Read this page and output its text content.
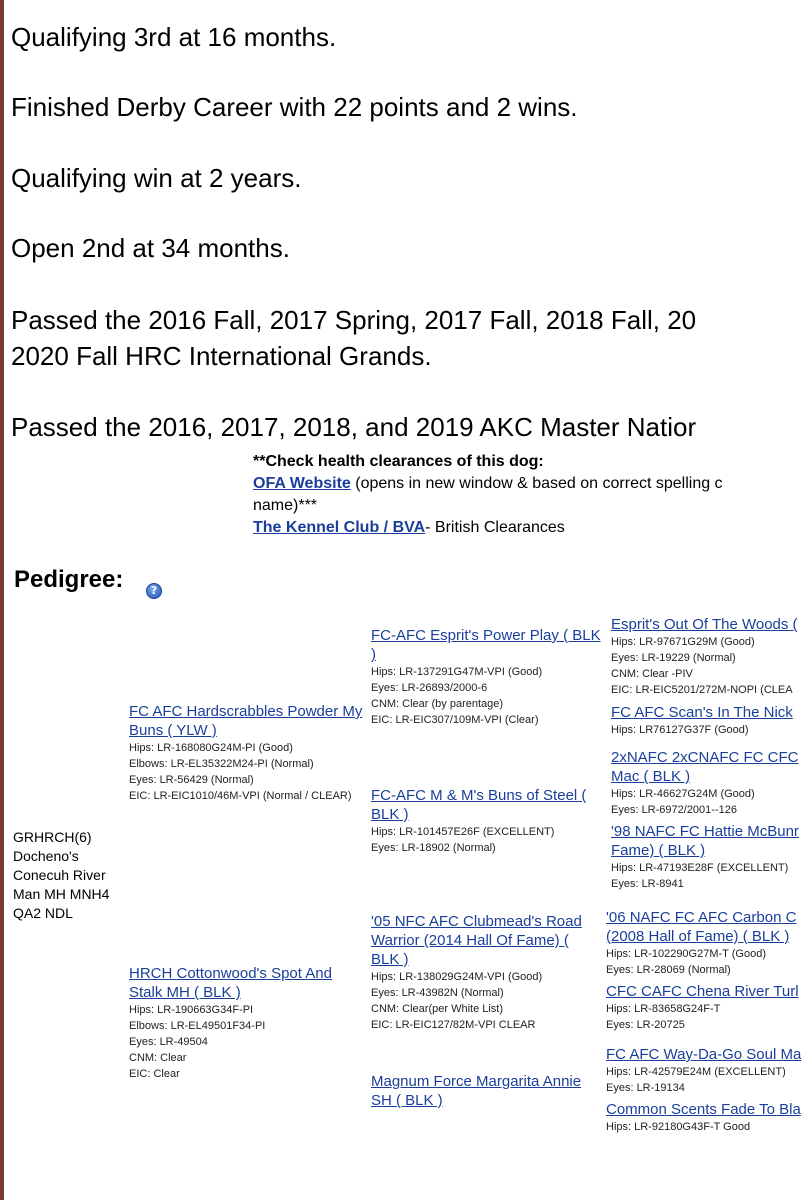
Qualifying 3rd at 16 months.

Finished Derby Career with 22 points and 2 wins.

Qualifying win at 2 years.

Open 2nd at 34 months.

Passed the 2016 Fall, 2017 Spring, 2017 Fall, 2018 Fall, 20

2020 Fall HRC International Grands.

Passed the 2016, 2017, 2018, and 2019 AKC Master Natior

**Check health clearances of this dog:
OFA Website (opens in new window & based on correct spelling c
name)***
The Kennel Club / BVA- British Clearances
Pedigree:	?
GRHRCH(6)
Docheno's
Conecuh River
Man MH MNH4
QA2 NDL
FC AFC Hardscrabbles Powder My
Buns ( YLW )
Hips: LR-168080G24M-PI (Good)
Elbows: LR-EL35322M24-PI (Normal)
Eyes: LR-56429 (Normal)
EIC: LR-EIC1010/46M-VPI (Normal / CLEAR)
HRCH Cottonwood's Spot And
Stalk MH ( BLK )
Hips: LR-190663G34F-PI
Elbows: LR-EL49501F34-PI
Eyes: LR-49504
CNM: Clear
EIC: Clear
FC-AFC Esprit's Power Play ( BLK
)
Hips: LR-137291G47M-VPI (Good)
Eyes: LR-26893/2000-6
CNM: Clear (by parentage)
EIC: LR-EIC307/109M-VPI (Clear)
FC-AFC M & M's Buns of Steel (
BLK )
Hips: LR-101457E26F (EXCELLENT)
Eyes: LR-18902 (Normal)
'05 NFC AFC Clubmead's Road
Warrior (2014 Hall Of Fame) (
BLK )
Hips: LR-138029G24M-VPI (Good)
Eyes: LR-43982N (Normal)
CNM: Clear(per White List)
EIC: LR-EIC127/82M-VPI CLEAR
Magnum Force Margarita Annie
SH ( BLK )
Esprit's Out Of The Woods (
Hips: LR-97671G29M (Good)
Eyes: LR-19229 (Normal)
CNM: Clear -PIV
EIC: LR-EIC5201/272M-NOPI (CLEA
FC AFC Scan's In The Nick
Hips: LR76127G37F (Good)
2xNAFC 2xCNAFC FC CFC
Mac ( BLK )
Hips: LR-46627G24M (Good)
Eyes: LR-6972/2001--126
'98 NAFC FC Hattie McBunr
Fame) ( BLK )
Hips: LR-47193E28F (EXCELLENT)
Eyes: LR-8941
'06 NAFC FC AFC Carbon C
(2008 Hall of Fame) ( BLK )
Hips: LR-102290G27M-T (Good)
Eyes: LR-28069 (Normal)
CFC CAFC Chena River Turl
Hips: LR-83658G24F-T
Eyes: LR-20725
FC AFC Way-Da-Go Soul Ma
Hips: LR-42579E24M (EXCELLENT)
Eyes: LR-19134
Common Scents Fade To Bla
Hips: LR-92180G43F-T Good
